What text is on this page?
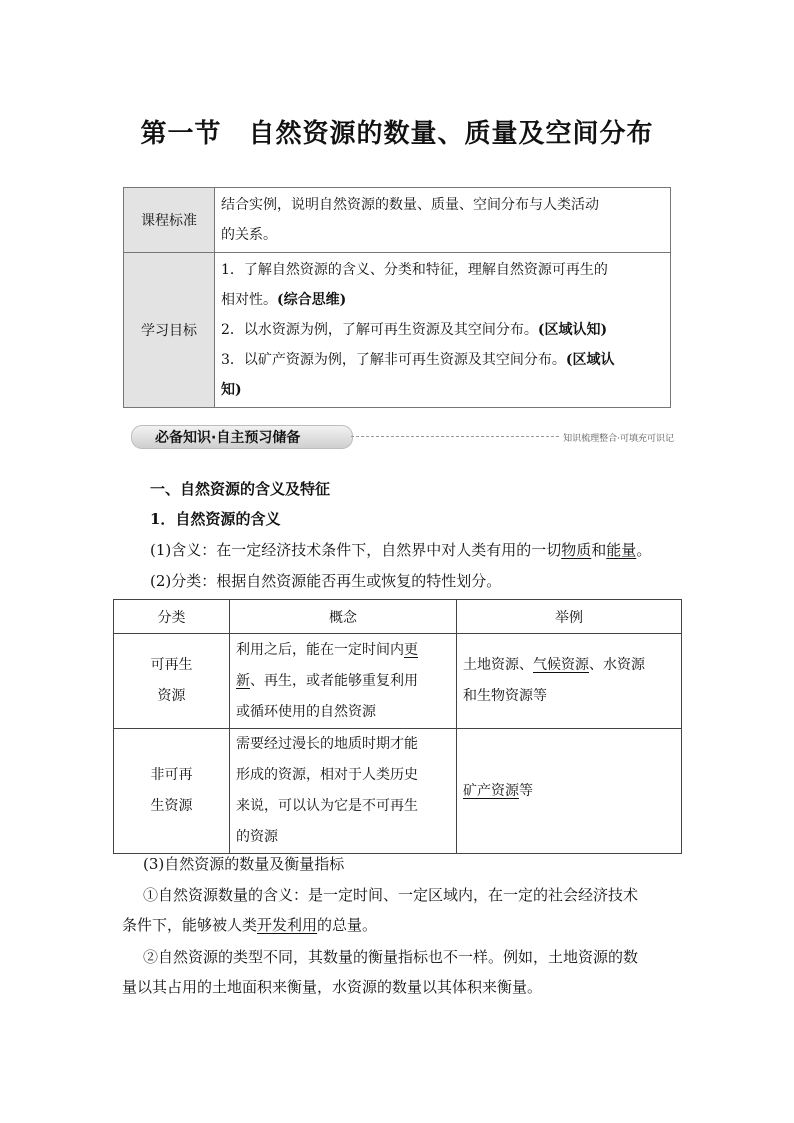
第一节　自然资源的数量、质量及空间分布
课程标准	结合实例，说明自然资源的数量、质量、空间分布与人类活动
的关系。

学习目标	1．了解自然资源的含义、分类和特征，理解自然资源可再生的
相对性。(综合思维)
2．以水资源为例，了解可再生资源及其空间分布。(区域认知)
3．以矿产资源为例，了解非可再生资源及其空间分布。(区域认
知)
必备知识·自主预习储备	知识梳理整合·可填充可识记
一、自然资源的含义及特征
1．自然资源的含义
(1)含义：在一定经济技术条件下，自然界中对人类有用的一切物质和能量。
(2)分类：根据自然资源能否再生或恢复的特性划分。
分类	概念	举例

可再生
资源	利用之后，能在一定时间内更
新、再生，或者能够重复利用
或循环使用的自然资源	土地资源、气候资源、水资源
和生物资源等

非可再
生资源	需要经过漫长的地质时期才能
形成的资源，相对于人类历史
来说，可以认为它是不可再生
的资源	矿产资源等
(3)自然资源的数量及衡量指标
①自然资源数量的含义：是一定时间、一定区域内，在一定的社会经济技术
条件下，能够被人类开发利用的总量。
②自然资源的类型不同，其数量的衡量指标也不一样。例如，土地资源的数
量以其占用的土地面积来衡量，水资源的数量以其体积来衡量。
